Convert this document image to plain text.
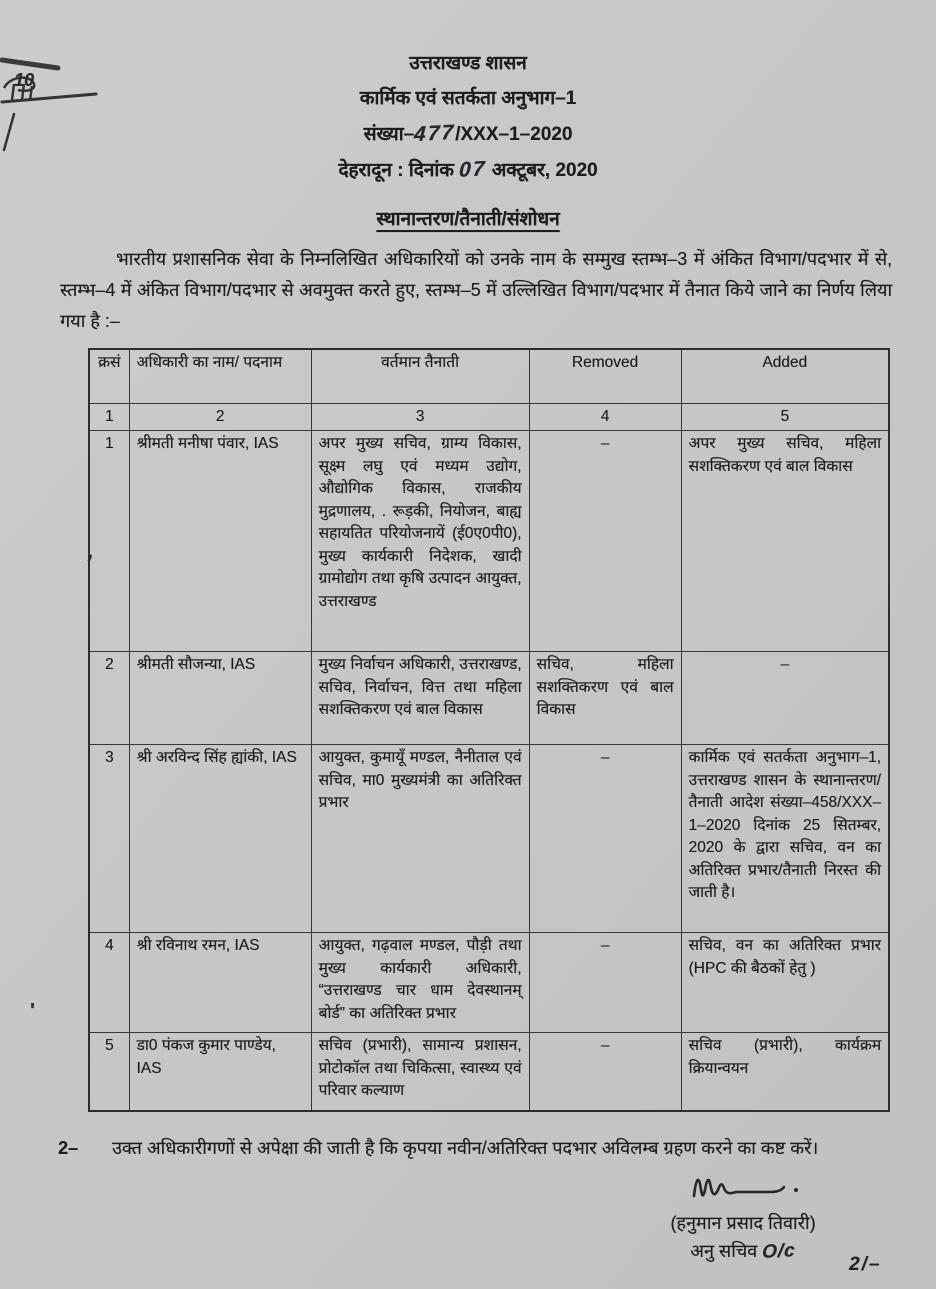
10
'
,
उत्तराखण्ड शासन
कार्मिक एवं सतर्कता अनुभाग–1
संख्या–477/XXX–1–2020
देहरादून : दिनांक 07 अक्टूबर, 2020
स्थानान्तरण/तैनाती/संशोधन

भारतीय प्रशासनिक सेवा के निम्नलिखित अधिकारियों को उनके नाम के सम्मुख स्तम्भ–3 में अंकित विभाग/पदभार में से, स्तम्भ–4 में अंकित विभाग/पदभार से अवमुक्त करते हुए, स्तम्भ–5 में उल्लिखित विभाग/पदभार में तैनात किये जाने का निर्णय लिया गया है :–

क्रसं	अधिकारी का नाम/ पदनाम	वर्तमान तैनाती	Removed	Added
1	2	3	4	5
1	श्रीमती मनीषा पंवार, IAS	अपर मुख्य सचिव, ग्राम्य विकास, सूक्ष्म लघु एवं मध्यम उद्योग, औद्योगिक विकास, राजकीय मुद्रणालय, . रूड़की, नियोजन, बाह्य सहायतित परियोजनायें (ई0ए0पी0), मुख्य कार्यकारी निदेशक, खादी ग्रामोद्योग तथा कृषि उत्पादन आयुक्त, उत्तराखण्ड	–	अपर मुख्य सचिव, महिला सशक्तिकरण एवं बाल विकास
2	श्रीमती सौजन्या, IAS	मुख्य निर्वाचन अधिकारी, उत्तराखण्ड, सचिव, निर्वाचन, वित्त तथा महिला सशक्तिकरण एवं बाल विकास	सचिव, महिला सशक्तिकरण एवं बाल विकास	–
3	श्री अरविन्द सिंह ह्यांकी, IAS	आयुक्त, कुमायूँ मण्डल, नैनीताल एवं सचिव, मा0 मुख्यमंत्री का अतिरिक्त प्रभार	–	कार्मिक एवं सतर्कता अनुभाग–1, उत्तराखण्ड शासन के स्थानान्तरण/तैनाती आदेश संख्या–458/XXX–1–2020 दिनांक 25 सितम्बर, 2020 के द्वारा सचिव, वन का अतिरिक्त प्रभार/तैनाती निरस्त की जाती है।
4	श्री रविनाथ रमन, IAS	आयुक्त, गढ़वाल मण्डल, पौड़ी तथा मुख्य कार्यकारी अधिकारी, “उत्तराखण्ड चार धाम देवस्थानम् बोर्ड” का अतिरिक्त प्रभार	–	सचिव, वन का अतिरिक्त प्रभार (HPC की बैठकों हेतु )
5	डा0 पंकज कुमार पाण्डेय, IAS	सचिव (प्रभारी), सामान्य प्रशासन, प्रोटोकॉल तथा चिकित्सा, स्वास्थ्य एवं परिवार कल्याण	–	सचिव (प्रभारी), कार्यक्रम क्रियान्वयन

2– उक्त अधिकारीगणों से अपेक्षा की जाती है कि कृपया नवीन/अतिरिक्त पदभार अविलम्ब ग्रहण करने का कष्ट करें।

(हनुमान प्रसाद तिवारी)
अनु सचिव O/c
2/–
